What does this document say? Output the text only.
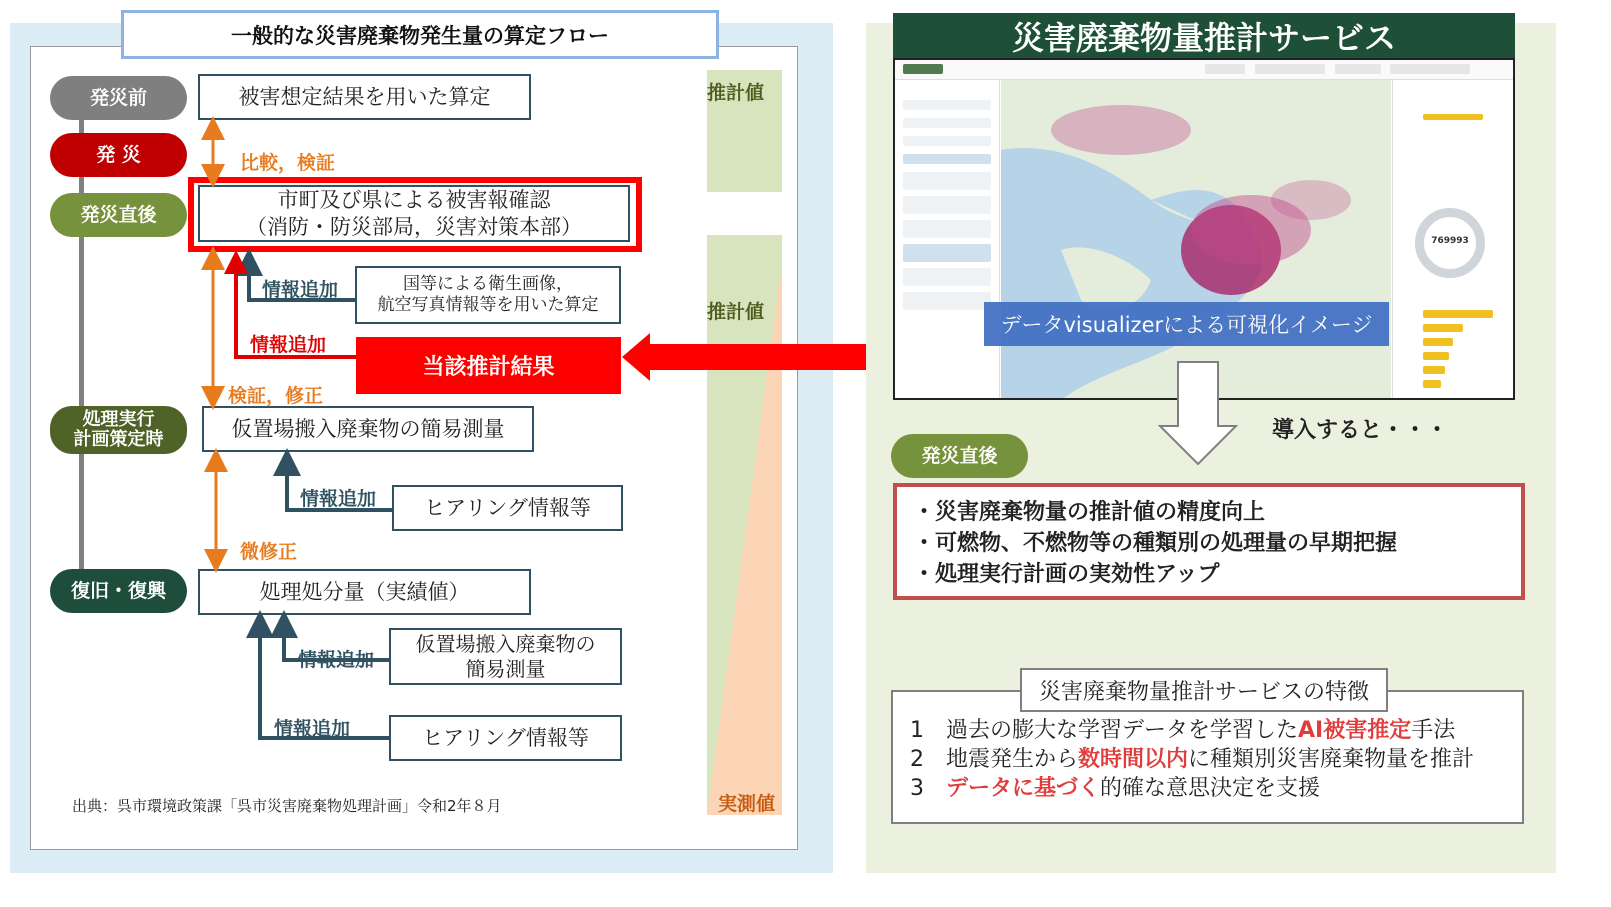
一般的な災害廃棄物発生量の算定フロー
推計値
推計値
実測値
発災前
発 災
発災直後
処理実行
計画策定時
復旧・復興
被害想定結果を用いた算定
市町及び県による被害報確認
（消防・防災部局，災害対策本部）
国等による衛生画像，
航空写真情報等を用いた算定
当該推計結果
仮置場搬入廃棄物の簡易測量
ヒアリング情報等
処理処分量（実績値）
仮置場搬入廃棄物の
簡易測量
ヒアリング情報等
比較，検証
情報追加
情報追加
検証，修正
情報追加
微修正
情報追加
情報追加
出典：呉市環境政策課「呉市災害廃棄物処理計画」令和2年８月
災害廃棄物量推計サービス
769993
データvisualizerによる可視化イメージ
導入すると・・・
発災直後
・災害廃棄物量の推計値の精度向上
・可燃物、不燃物等の種類別の処理量の早期把握
・処理実行計画の実効性アップ
災害廃棄物量推計サービスの特徴
1 過去の膨大な学習データを学習したAI被害推定手法
2 地震発生から数時間以内に種類別災害廃棄物量を推計
3 データに基づく的確な意思決定を支援
